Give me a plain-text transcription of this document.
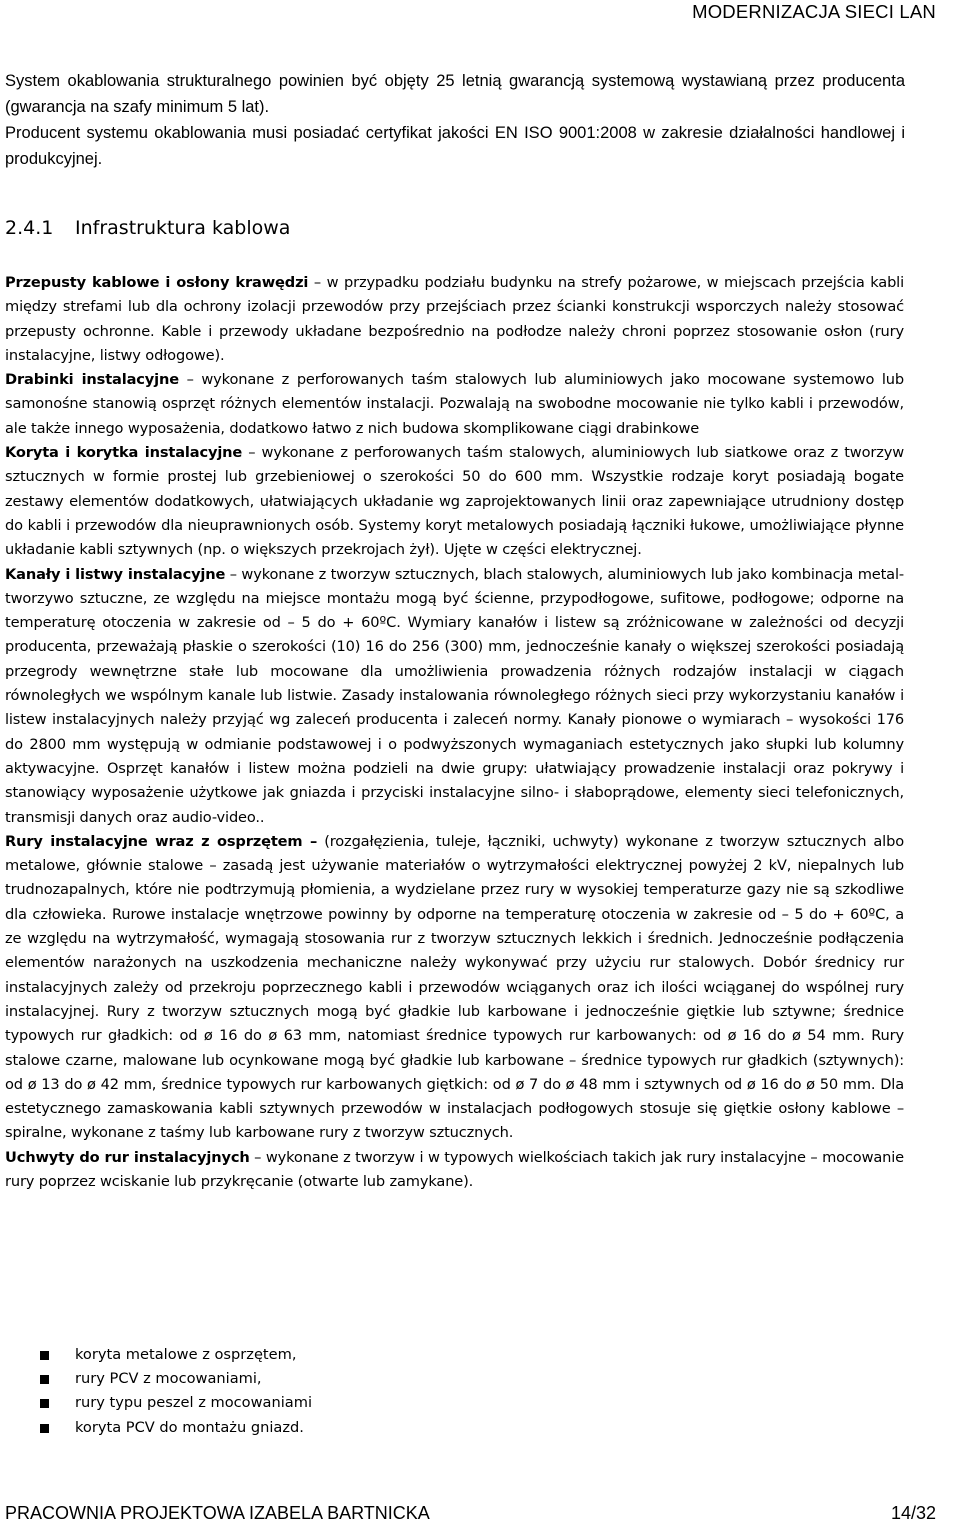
MODERNIZACJA SIECI LAN

System okablowania strukturalnego powinien być objęty 25 letnią gwarancją systemową wystawianą przez producenta (gwarancja na szafy minimum 5 lat).

Producent systemu okablowania musi posiadać certyfikat jakości EN ISO 9001:2008 w zakresie działalności handlowej i produkcyjnej.

2.4.1 Infrastruktura kablowa

Przepusty kablowe i osłony krawędzi – w przypadku podziału budynku na strefy pożarowe, w miejscach przejścia kabli między strefami lub dla ochrony izolacji przewodów przy przejściach przez ścianki konstrukcji wsporczych należy stosować przepusty ochronne. Kable i przewody układane bezpośrednio na podłodze należy chroni poprzez stosowanie osłon (rury instalacyjne, listwy odłogowe).

Drabinki instalacyjne – wykonane z perforowanych taśm stalowych lub aluminiowych jako mocowane systemowo lub samonośne stanowią osprzęt różnych elementów instalacji. Pozwalają na swobodne mocowanie nie tylko kabli i przewodów, ale także innego wyposażenia, dodatkowo łatwo z nich budowa skomplikowane ciągi drabinkowe

Koryta i korytka instalacyjne – wykonane z perforowanych taśm stalowych, aluminiowych lub siatkowe oraz z tworzyw sztucznych w formie prostej lub grzebieniowej o szerokości 50 do 600 mm. Wszystkie rodzaje koryt posiadają bogate zestawy elementów dodatkowych, ułatwiających układanie wg zaprojektowanych linii oraz zapewniające utrudniony dostęp do kabli i przewodów dla nieuprawnionych osób. Systemy koryt metalowych posiadają łączniki łukowe, umożliwiające płynne układanie kabli sztywnych (np. o większych przekrojach żył). Ujęte w części elektrycznej.

Kanały i listwy instalacyjne – wykonane z tworzyw sztucznych, blach stalowych, aluminiowych lub jako kombinacja metal-tworzywo sztuczne, ze względu na miejsce montażu mogą być ścienne, przypodłogowe, sufitowe, podłogowe; odporne na temperaturę otoczenia w zakresie od – 5 do + 60ºC. Wymiary kanałów i listew są zróżnicowane w zależności od decyzji producenta, przeważają płaskie o szerokości (10) 16 do 256 (300) mm, jednocześnie kanały o większej szerokości posiadają przegrody wewnętrzne stałe lub mocowane dla umożliwienia prowadzenia różnych rodzajów instalacji w ciągach równoległych we wspólnym kanale lub listwie. Zasady instalowania równoległego różnych sieci przy wykorzystaniu kanałów i listew instalacyjnych należy przyjąć wg zaleceń producenta i zaleceń normy. Kanały pionowe o wymiarach – wysokości 176 do 2800 mm występują w odmianie podstawowej i o podwyższonych wymaganiach estetycznych jako słupki lub kolumny aktywacyjne. Osprzęt kanałów i listew można podzieli na dwie grupy: ułatwiający prowadzenie instalacji oraz pokrywy i stanowiący wyposażenie użytkowe jak gniazda i przyciski instalacyjne silno- i słaboprądowe, elementy sieci telefonicznych, transmisji danych oraz audio-video..

Rury instalacyjne wraz z osprzętem – (rozgałęzienia, tuleje, łączniki, uchwyty) wykonane z tworzyw sztucznych albo metalowe, głównie stalowe – zasadą jest używanie materiałów o wytrzymałości elektrycznej powyżej 2 kV, niepalnych lub trudnozapalnych, które nie podtrzymują płomienia, a wydzielane przez rury w wysokiej temperaturze gazy nie są szkodliwe dla człowieka. Rurowe instalacje wnętrzowe powinny by odporne na temperaturę otoczenia w zakresie od – 5 do + 60ºC, a ze względu na wytrzymałość, wymagają stosowania rur z tworzyw sztucznych lekkich i średnich. Jednocześnie podłączenia elementów narażonych na uszkodzenia mechaniczne należy wykonywać przy użyciu rur stalowych. Dobór średnicy rur instalacyjnych zależy od przekroju poprzecznego kabli i przewodów wciąganych oraz ich ilości wciąganej do wspólnej rury instalacyjnej. Rury z tworzyw sztucznych mogą być gładkie lub karbowane i jednocześnie giętkie lub sztywne; średnice typowych rur gładkich: od ø 16 do ø 63 mm, natomiast średnice typowych rur karbowanych: od ø 16 do ø 54 mm. Rury stalowe czarne, malowane lub ocynkowane mogą być gładkie lub karbowane – średnice typowych rur gładkich (sztywnych): od ø 13 do ø 42 mm, średnice typowych rur karbowanych giętkich: od ø 7 do ø 48 mm i sztywnych od ø 16 do ø 50 mm. Dla estetycznego zamaskowania kabli sztywnych przewodów w instalacjach podłogowych stosuje się giętkie osłony kablowe – spiralne, wykonane z taśmy lub karbowane rury z tworzyw sztucznych.

Uchwyty do rur instalacyjnych – wykonane z tworzyw i w typowych wielkościach takich jak rury instalacyjne – mocowanie rury poprzez wciskanie lub przykręcanie (otwarte lub zamykane).

koryta metalowe z osprzętem,
rury PCV z mocowaniami,
rury typu peszel z mocowaniami
koryta PCV do montażu gniazd.
PRACOWNIA PROJEKTOWA IZABELA BARTNICKA	14/32
